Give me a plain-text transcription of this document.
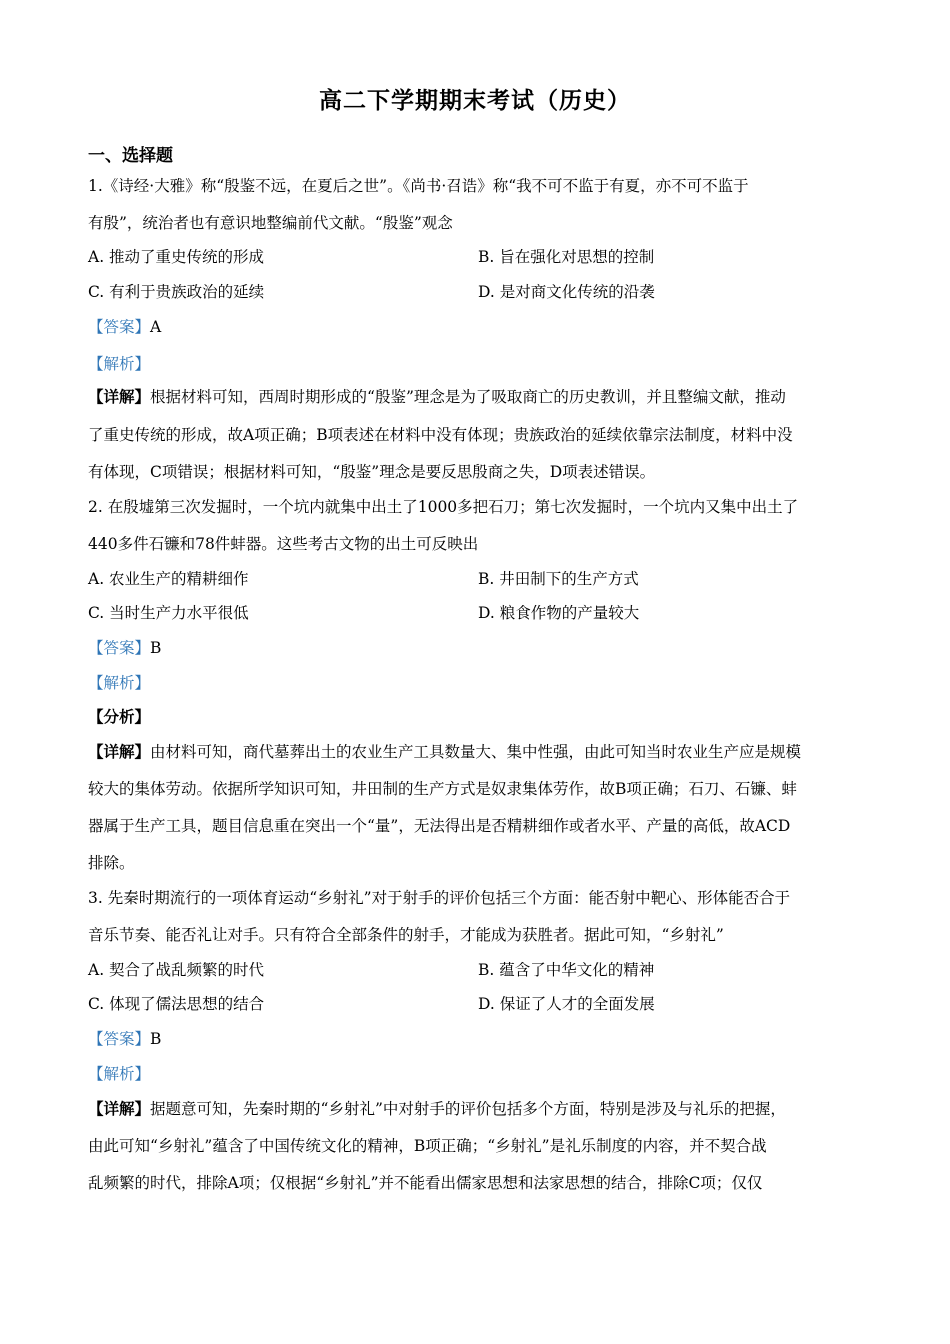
高二下学期期末考试（历史）
一、选择题
1.《诗经·大雅》称“殷鉴不远，在夏后之世”。《尚书·召诰》称“我不可不监于有夏，亦不可不监于
有殷”，统治者也有意识地整编前代文献。“殷鉴”观念
A. 推动了重史传统的形成	B. 旨在强化对思想的控制
C. 有利于贵族政治的延续	D. 是对商文化传统的沿袭
【答案】A
【解析】
【详解】根据材料可知，西周时期形成的“殷鉴”理念是为了吸取商亡的历史教训，并且整编文献，推动
了重史传统的形成，故A项正确；B项表述在材料中没有体现；贵族政治的延续依靠宗法制度，材料中没
有体现，C项错误；根据材料可知，“殷鉴”理念是要反思殷商之失，D项表述错误。
2. 在殷墟第三次发掘时，一个坑内就集中出土了1000多把石刀；第七次发掘时，一个坑内又集中出土了
440多件石镰和78件蚌器。这些考古文物的出土可反映出
A. 农业生产的精耕细作	B. 井田制下的生产方式
C. 当时生产力水平很低	D. 粮食作物的产量较大
【答案】B
【解析】
【分析】
【详解】由材料可知，商代墓葬出土的农业生产工具数量大、集中性强，由此可知当时农业生产应是规模
较大的集体劳动。依据所学知识可知，井田制的生产方式是奴隶集体劳作，故B项正确；石刀、石镰、蚌
器属于生产工具，题目信息重在突出一个“量”，无法得出是否精耕细作或者水平、产量的高低，故ACD
排除。
3. 先秦时期流行的一项体育运动“乡射礼”对于射手的评价包括三个方面：能否射中靶心、形体能否合于
音乐节奏、能否礼让对手。只有符合全部条件的射手，才能成为获胜者。据此可知，“乡射礼”
A. 契合了战乱频繁的时代	B. 蕴含了中华文化的精神
C. 体现了儒法思想的结合	D. 保证了人才的全面发展
【答案】B
【解析】
【详解】据题意可知，先秦时期的“乡射礼”中对射手的评价包括多个方面，特别是涉及与礼乐的把握，
由此可知“乡射礼”蕴含了中国传统文化的精神，B项正确；“乡射礼”是礼乐制度的内容，并不契合战
乱频繁的时代，排除A项；仅根据“乡射礼”并不能看出儒家思想和法家思想的结合，排除C项；仅仅
